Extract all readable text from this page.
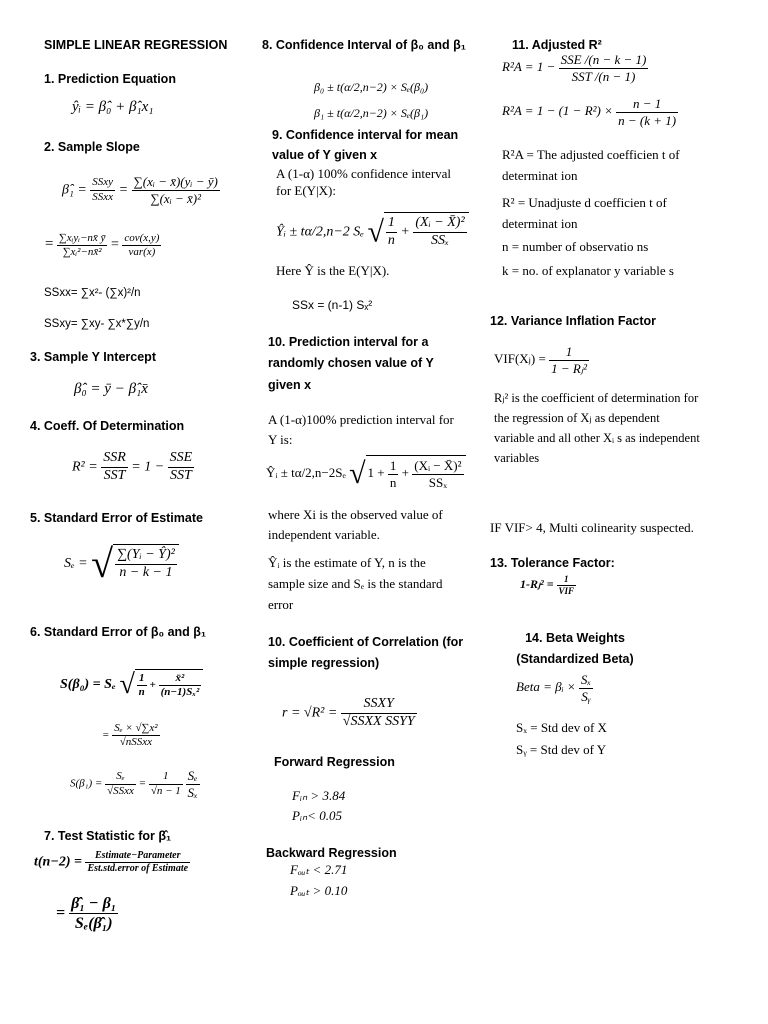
SIMPLE LINEAR REGRESSION
1. Prediction Equation
ŷᵢ = β̂₀ + β̂₁x₁
2. Sample Slope
β̂₁ = $\frac{\text{SSxy}}{\text{SSxx}} = \frac{\text{∑(xᵢ − x̄)(yᵢ − ȳ)}}{\text{∑(xᵢ − x̄)²}}$
= $\frac{\text{∑xᵢyᵢ−nx̄ ȳ}}{\text{∑xᵢ²−nx̄²}} = \frac{\text{cov(x,y)}}{\text{var(x)}}$
SSxx= ∑x²- (∑x)²/n
SSxy= ∑xy- ∑x*∑y/n
3. Sample Y Intercept
β̂₀ = ȳ − β̂₁x̄
4. Coeff. Of Determination
$R^2 = \frac{\text{SSR}}{\text{SST}} = 1 - \frac{\text{SSE}}{\text{SST}}$
5. Standard Error of Estimate
Sₑ = √ $\frac{\text{∑(Yᵢ − Ŷ)²}}{n - k - 1}$
6. Standard Error of β₀ and β₁
S(β₀) = Sₑ √ $\frac{1}{n} + \frac{\text{x̄²}}{\text{(n−1)Sₓ²}}$
= $\frac{\text{Sₑ × √∑x²}}{\text{√nSSxx}}$
$S(\beta_1) = \frac{\text{Sₑ}}{\text{√SSxx}} = \frac{1}{√n - 1}$
$\frac{\text{Sₑ}}{\text{Sₓ}}$
7. Test Statistic for β̂₁
$t(n-2) = \frac{\text{Estimate−Parameter}}{\text{Est.std.error of Estimate}}$
= $\frac{\text{β̂₁ − β₁}}{\text{Sₑ(β̂₁)}}$
8. Confidence Interval of β₀ and β₁
β₀ ± t(α/2,n−2) × Sₑ(β₀)
β₁ ± t(α/2,n−2) × Sₑ(β₁)
9. Confidence interval for mean value of Y given x
A (1-α) 100% confidence interval for E(Y|X):
Ŷᵢ ± tα/2,n−2 Sₑ √ $\frac{1}{n} + \frac{\text{(Xᵢ − X̄)²}}{\text{SSₓ}}$
Here Ŷ is the E(Y|X).
SSx = (n-1) Sₓ²
10. Prediction interval for a randomly chosen value of Y given x
A (1-α)100% prediction interval for Y is:
Ŷᵢ ± tα/2,n−2Sₑ √ $1 + \frac{1}{n} + \frac{\text{(Xᵢ − X̄)²}}{\text{SSₓ}}$
where Xi is the observed value of independent variable.
Ŷᵢ is the estimate of Y, n is the sample size and Sₑ is the standard error
10. Coefficient of Correlation (for simple regression)
$r = √R^2 = \frac{\text{SSXY}}{\text{√SSXX SSYY}}$
Forward Regression
Fᵢₙ > 3.84
Pᵢₙ< 0.05
Backward Regression
Fₒᵤₜ < 2.71
Pₒᵤₜ > 0.10
11. Adjusted R²
$R^2A = 1 - \frac{\text{SSE /(n − k − 1)}}{\text{SST /(n − 1)}}$
$R^2A = 1 - (1 - R^2) \times \frac{n - 1}{n - (k + 1)}$
R²A = The adjusted coefficien t of determinat ion
R² = Unadjuste d coefficien t of determinat ion
n = number of observatio ns
k = no. of explanator y variable s
12. Variance Inflation Factor
VIF(Xⱼ) = $\frac{1}{\text{1 − Rⱼ²}}$
Rⱼ² is the coefficient of determination for the regression of Xⱼ as dependent variable and all other Xᵢ s as independent variables
IF VIF> 4, Multi colinearity suspected.
13. Tolerance Factor:
1-Rⱼ² = $\frac{1}{\text{VIF}}$
14. Beta Weights (Standardized Beta)
Beta = βᵢ × $\frac{\text{Sₓ}}{\text{Sᵧ}}$
Sₓ = Std dev of X
Sᵧ = Std dev of Y
